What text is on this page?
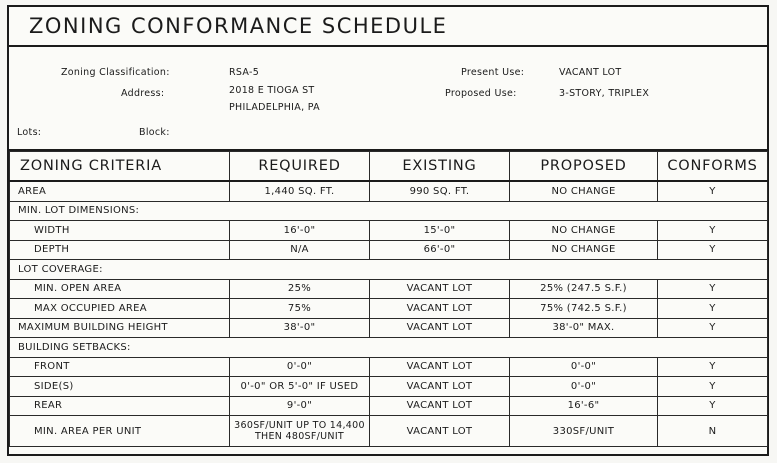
ZONING CONFORMANCE SCHEDULE
Zoning Classification:	RSA-5
Address:	2018 E TIOGA ST
PHILADELPHIA, PA
Present Use:	VACANT LOT
Proposed Use:	3-STORY, TRIPLEX
Lots:	Block:
ZONING CRITERIA	REQUIRED	EXISTING	PROPOSED	CONFORMS
AREA	1,440 SQ. FT.	990 SQ. FT.	NO CHANGE	Y
MIN. LOT DIMENSIONS:				
WIDTH	16'-0"	15'-0"	NO CHANGE	Y
DEPTH	N/A	66'-0"	NO CHANGE	Y
LOT COVERAGE:				
MIN. OPEN AREA	25%	VACANT LOT	25% (247.5 S.F.)	Y
MAX OCCUPIED AREA	75%	VACANT LOT	75% (742.5 S.F.)	Y
MAXIMUM BUILDING HEIGHT	38'-0"	VACANT LOT	38'-0" MAX.	Y
BUILDING SETBACKS:				
FRONT	0'-0"	VACANT LOT	0'-0"	Y
SIDE(S)	0'-0" OR 5'-0" IF USED	VACANT LOT	0'-0"	Y
REAR	9'-0"	VACANT LOT	16'-6"	Y
MIN. AREA PER UNIT	360SF/UNIT UP TO 14,400
THEN 480SF/UNIT	VACANT LOT	330SF/UNIT	N
